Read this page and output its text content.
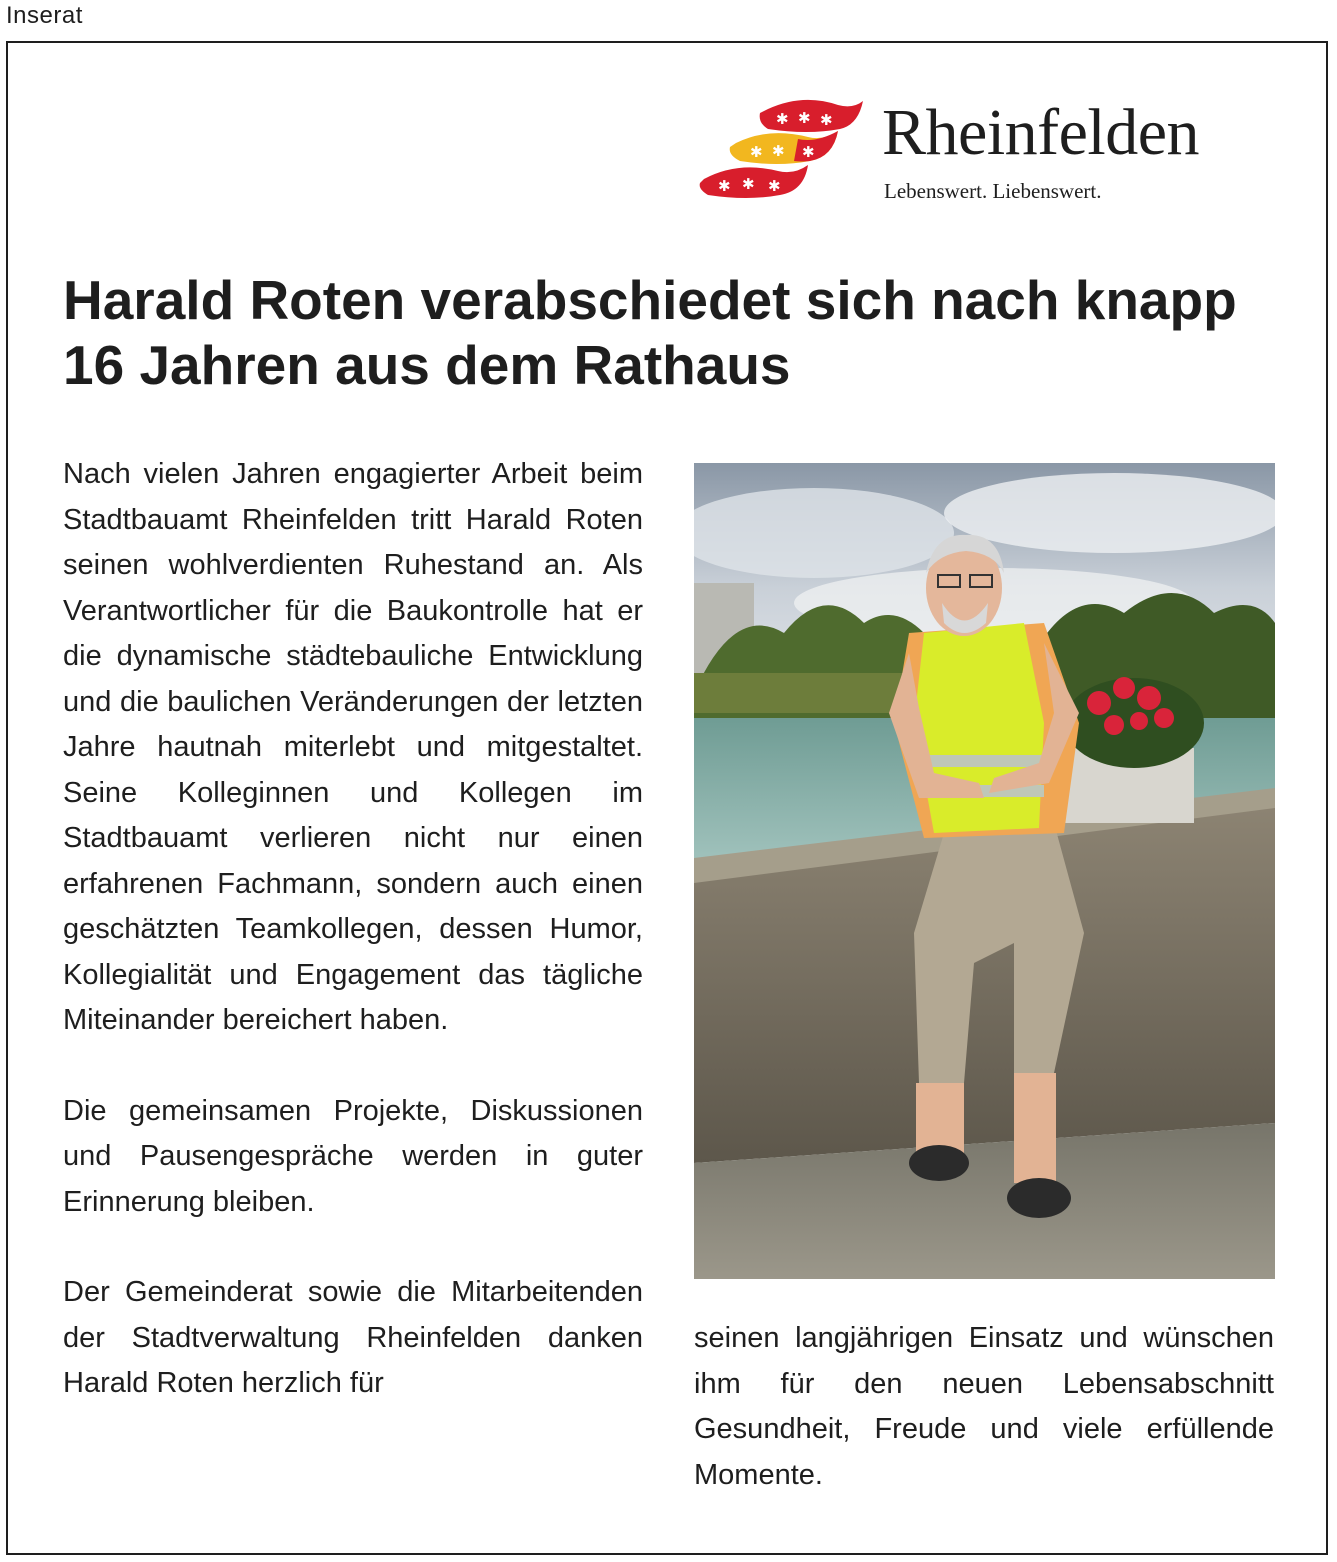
Inserat
✱ ✱ ✱
✱ ✱ ✱
✱ ✱ ✱
Rheinfelden
Lebenswert. Liebenswert.
Harald Roten verabschiedet sich nach knapp 16 Jahren aus dem Rathaus

Nach vielen Jahren engagierter Arbeit beim Stadtbauamt Rheinfelden tritt Harald Roten seinen wohlverdienten Ruhestand an. Als Verantwortlicher für die Baukontrolle hat er die dynamische städtebauliche Entwicklung und die baulichen Veränderungen der letzten Jahre hautnah miterlebt und mitgestaltet. Seine Kolleginnen und Kollegen im Stadtbauamt verlieren nicht nur einen erfahrenen Fachmann, sondern auch einen geschätzten Teamkollegen, dessen Humor, Kollegialität und Engagement das tägliche Miteinander bereichert haben.

Die gemeinsamen Projekte, Diskussionen und Pausengespräche werden in guter Erinnerung bleiben.

Der Gemeinderat sowie die Mitarbeitenden der Stadtverwaltung Rheinfelden danken Harald Roten herzlich für

seinen langjährigen Einsatz und wünschen ihm für den neuen Lebensabschnitt Gesundheit, Freude und viele erfüllende Momente.
